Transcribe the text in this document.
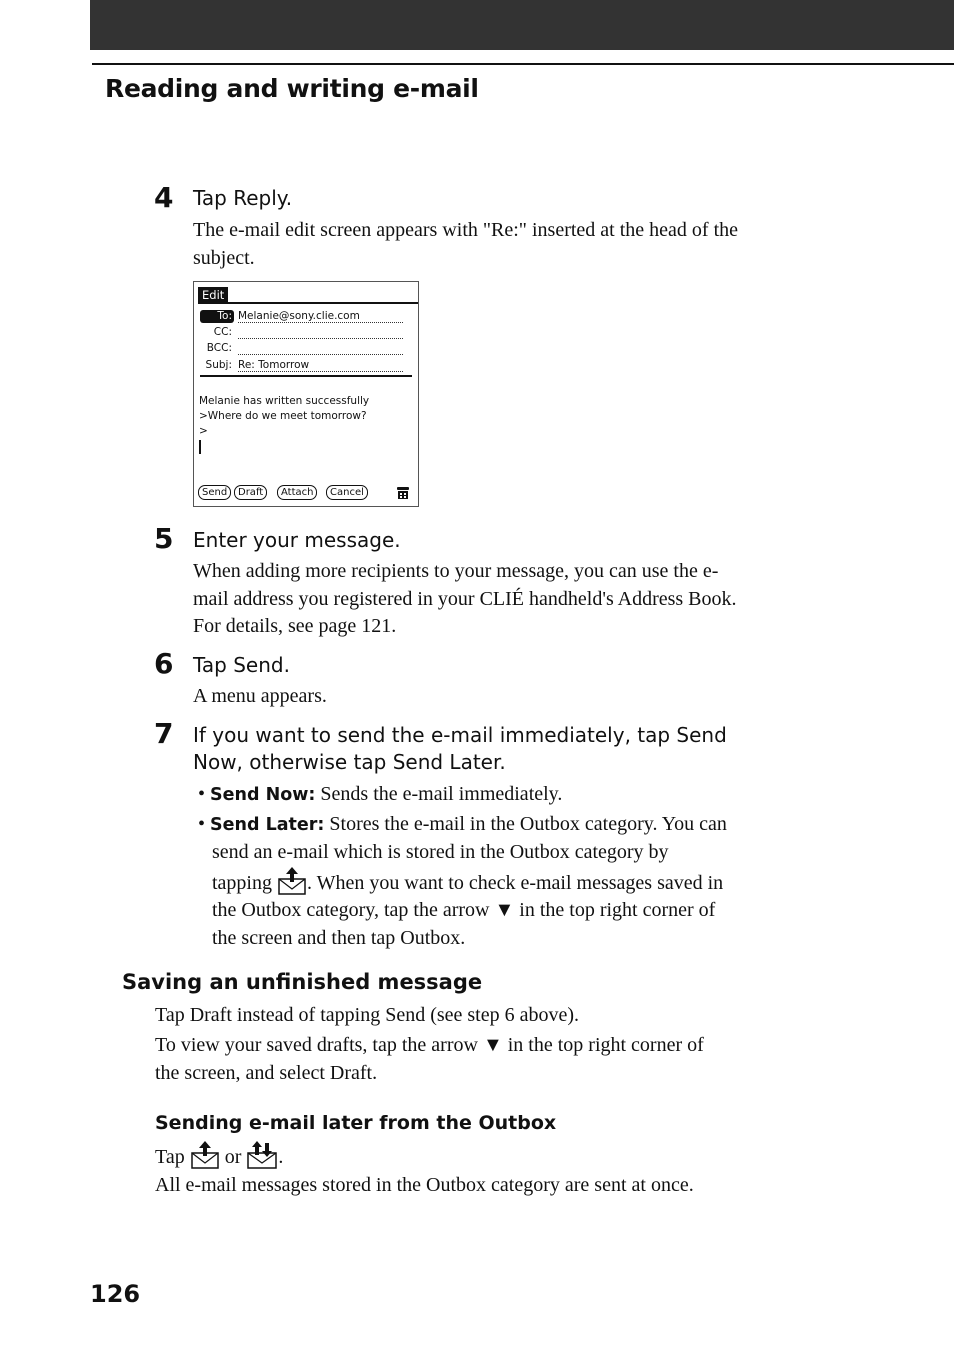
Reading and writing e-mail
4 Tap Reply.
The e-mail edit screen appears with "Re:" inserted at the head of the
subject.
Edit
To: Melanie@sony.clie.com
CC:
BCC:
Subj: Re: Tomorrow
Melanie has written successfully
>Where do we meet tomorrow?
>
Send	Draft	Attach	Cancel
5 Enter your message.
When adding more recipients to your message, you can use the e-
mail address you registered in your CLIÉ handheld's Address Book.
For details, see page 121.
6 Tap Send.
A menu appears.
7 If you want to send the e-mail immediately, tap Send
Now, otherwise tap Send Later.
• Send Now: Sends the e-mail immediately.
• Send Later: Stores the e-mail in the Outbox category. You can
send an e-mail which is stored in the Outbox category by
tapping . When you want to check e-mail messages saved in
the Outbox category, tap the arrow ▼ in the top right corner of
the screen and then tap Outbox.
Saving an unfinished message
Tap Draft instead of tapping Send (see step 6 above).
To view your saved drafts, tap the arrow ▼ in the top right corner of
the screen, and select Draft.
Sending e-mail later from the Outbox
Tap or .
All e-mail messages stored in the Outbox category are sent at once.
126
